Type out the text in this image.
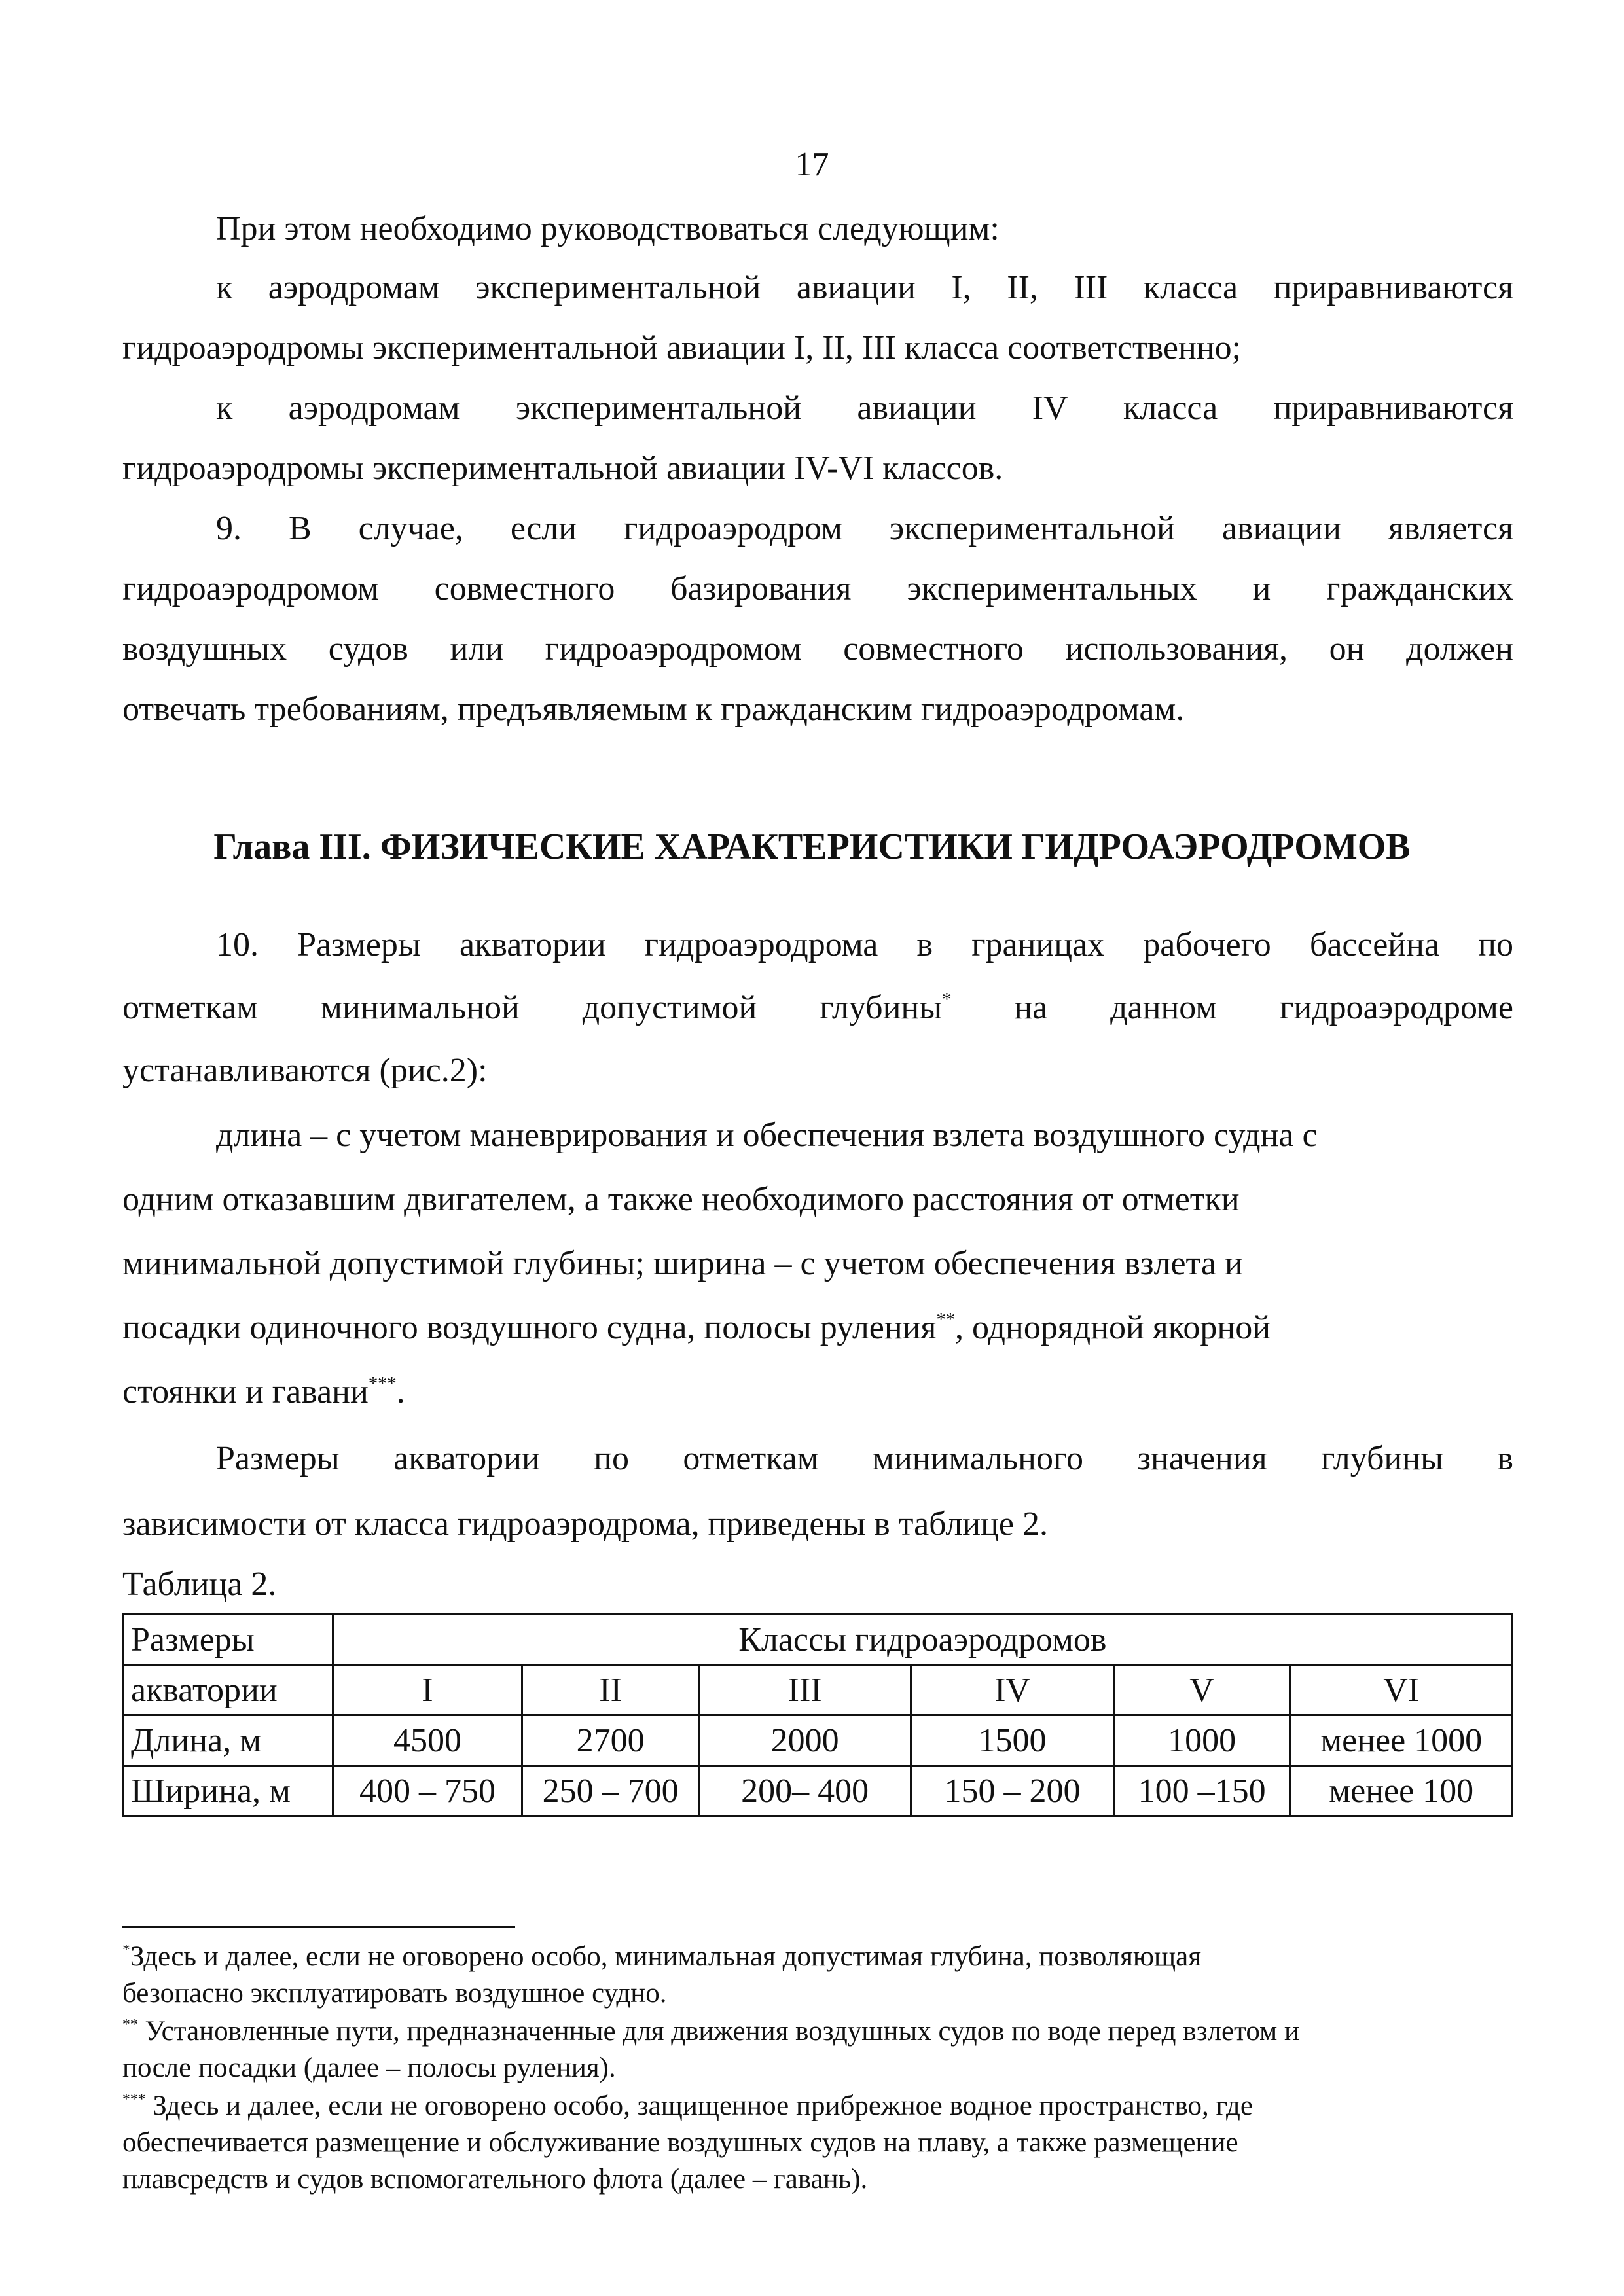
17

При этом необходимо руководствоваться следующим:

к аэродромам экспериментальной авиации I, II, III класса приравниваются

гидроаэродромы экспериментальной авиации I, II, III класса соответственно;

к аэродромам экспериментальной авиации IV класса приравниваются

гидроаэродромы экспериментальной авиации IV-VI классов.

9. В случае, если гидроаэродром экспериментальной авиации является

гидроаэродромом совместного базирования экспериментальных и гражданских

воздушных судов или гидроаэродромом совместного использования, он должен

отвечать требованиям, предъявляемым к гражданским гидроаэродромам.

Глава III. ФИЗИЧЕСКИЕ ХАРАКТЕРИСТИКИ ГИДРОАЭРОДРОМОВ

10. Размеры акватории гидроаэродрома в границах рабочего бассейна по

отметкам минимальной допустимой глубины* на данном гидроаэродроме

устанавливаются (рис.2):

длина – с учетом маневрирования и обеспечения взлета воздушного судна с

одним отказавшим двигателем, а также необходимого расстояния от отметки

минимальной допустимой глубины; ширина – с учетом обеспечения взлета и

посадки одиночного воздушного судна, полосы руления**, однорядной якорной

стоянки и гавани***.

Размеры акватории по отметкам минимального значения глубины в

зависимости от класса гидроаэродрома, приведены в таблице 2.

Таблица 2.
Размеры	Классы гидроаэродромов					
акватории	I	II	III	IV	V	VI
Длина, м	4500	2700	2000	1500	1000	менее 1000
Ширина, м	400 – 750	250 – 700	200– 400	150 – 200	100 –150	менее 100

*Здесь и далее, если не оговорено особо, минимальная допустимая глубина, позволяющая

безопасно эксплуатировать воздушное судно.

** Установленные пути, предназначенные для движения воздушных судов по воде перед взлетом и

после посадки (далее – полосы руления).

*** Здесь и далее, если не оговорено особо, защищенное прибрежное водное пространство, где

обеспечивается размещение и обслуживание воздушных судов на плаву, а также размещение

плавсредств и судов вспомогательного флота (далее – гавань).
